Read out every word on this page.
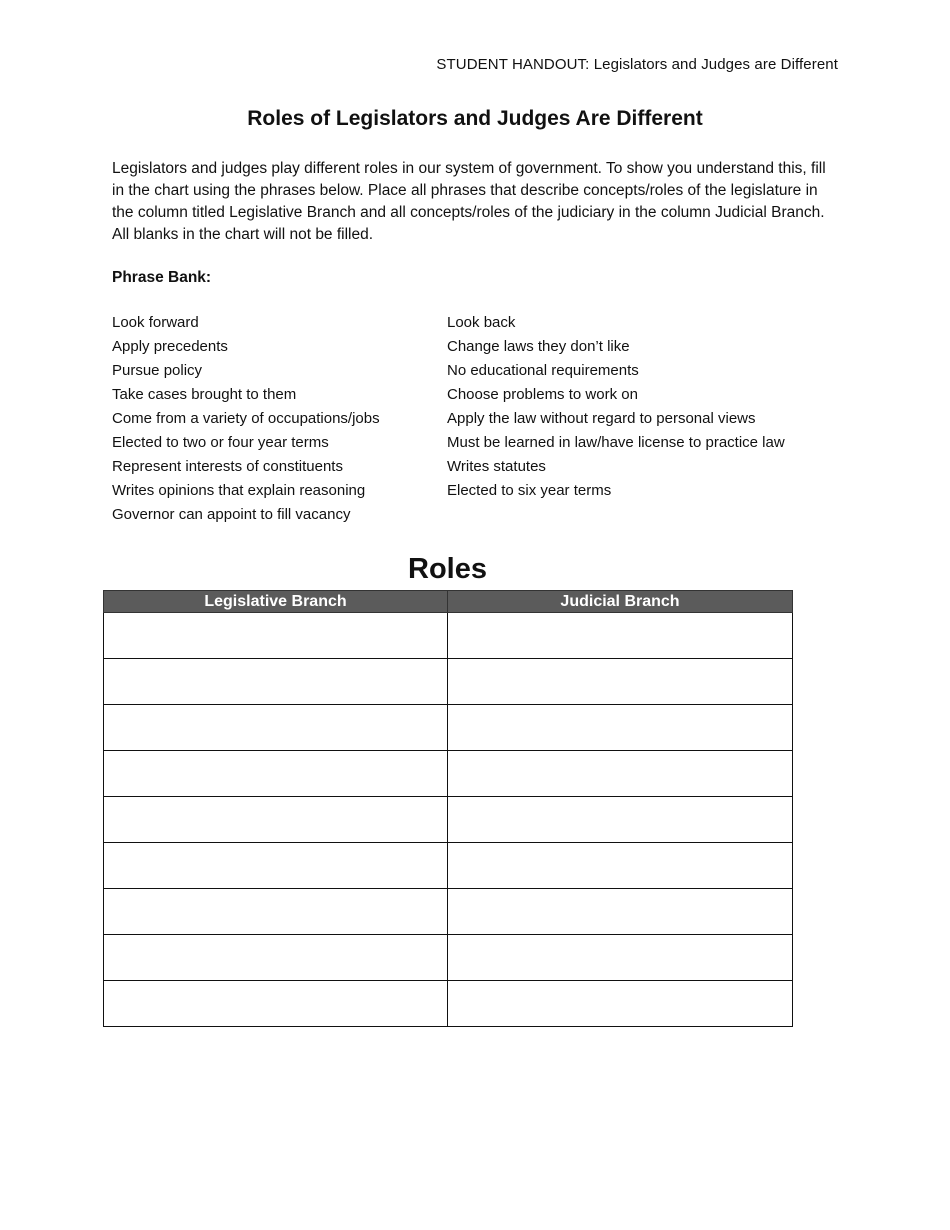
STUDENT HANDOUT: Legislators and Judges are Different
Roles of Legislators and Judges Are Different

Legislators and judges play different roles in our system of government. To show you understand this, fill in the chart using the phrases below. Place all phrases that describe concepts/roles of the legislature in the column titled Legislative Branch and all concepts/roles of the judiciary in the column Judicial Branch. All blanks in the chart will not be filled.

Phrase Bank:
Look forward
Apply precedents
Pursue policy
Take cases brought to them
Come from a variety of occupations/jobs
Elected to two or four year terms
Represent interests of constituents
Writes opinions that explain reasoning
Governor can appoint to fill vacancy
Look back
Change laws they don’t like
No educational requirements
Choose problems to work on
Apply the law without regard to personal views
Must be learned in law/have license to practice law
Writes statutes
Elected to six year terms
Roles
Legislative Branch	Judicial Branch
